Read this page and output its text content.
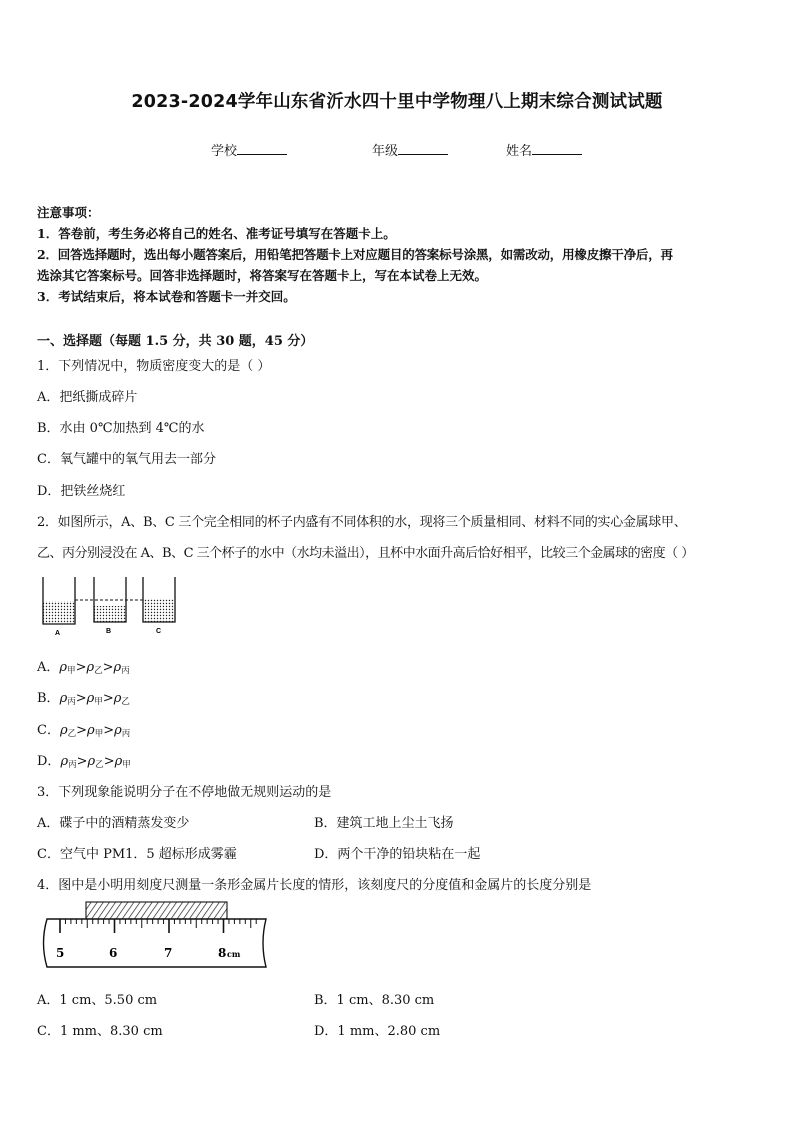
2023-2024学年山东省沂水四十里中学物理八上期末综合测试试题
学校	年级	姓名
注意事项：
1．答卷前，考生务必将自己的姓名、准考证号填写在答题卡上。
2．回答选择题时，选出每小题答案后，用铅笔把答题卡上对应题目的答案标号涂黑，如需改动，用橡皮擦干净后，再
选涂其它答案标号。回答非选择题时，将答案写在答题卡上，写在本试卷上无效。
3．考试结束后，将本试卷和答题卡一并交回。
一、选择题（每题 1.5 分，共 30 题，45 分）
1．下列情况中，物质密度变大的是（ ）
A．把纸撕成碎片
B．水由 0℃加热到 4℃的水
C．氧气罐中的氧气用去一部分
D．把铁丝烧红
2．如图所示，A、B、C 三个完全相同的杯子内盛有不同体积的水，现将三个质量相同、材料不同的实心金属球甲、
乙、丙分别浸没在 A、B、C 三个杯子的水中（水均未溢出），且杯中水面升高后恰好相平，比较三个金属球的密度（ ）
A	B	C
A．$\rho_甲>\rho_乙>\rho_丙$
B．$\rho_丙>\rho_甲>\rho_乙$
C．$\rho_乙>\rho_甲>\rho_丙$
D．$\rho_丙>\rho_乙>\rho_甲$
3．下列现象能说明分子在不停地做无规则运动的是
A．碟子中的酒精蒸发变少	B．建筑工地上尘土飞扬
C．空气中 PM1．5 超标形成雾霾	D．两个干净的铅块粘在一起
4．图中是小明用刻度尺测量一条形金属片长度的情形，该刻度尺的分度值和金属片的长度分别是
5	6	7	8 cm
A．1 cm、5.50 cm	B．1 cm、8.30 cm
C．1 mm、8.30 cm	D．1 mm、2.80 cm
